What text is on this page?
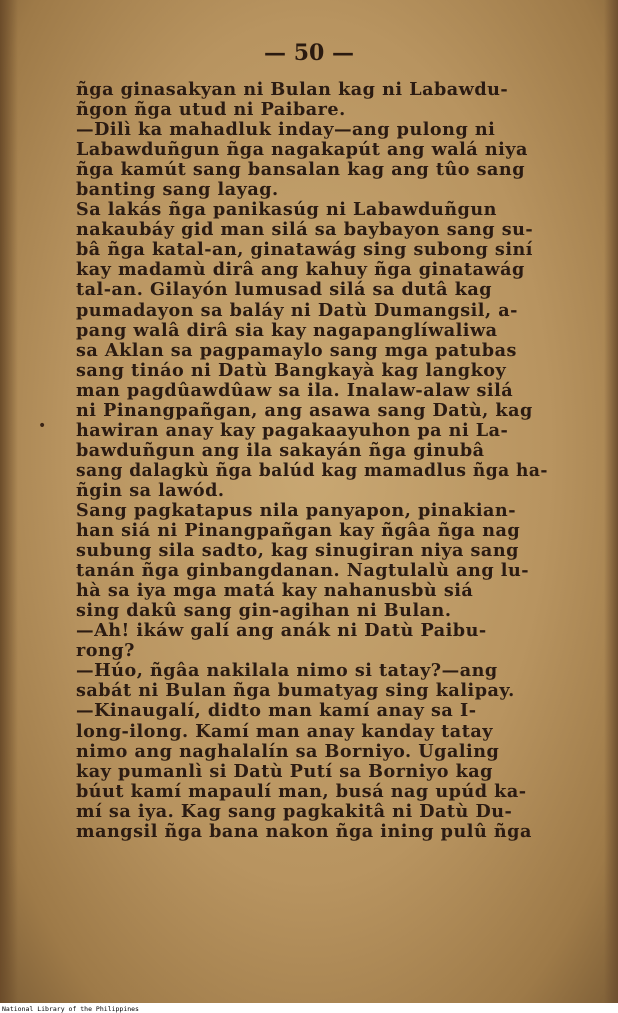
— 50 —
•
ñga ginasakyan ni Bulan kag ni Labawdu-
ñgon ñga utud ni Paibare.
—Dilì ka mahadluk inday—ang pulong ni
Labawduñgun ñga nagakapút ang walá niya
ñga kamút sang bansalan kag ang tûo sang
banting sang layag.
Sa lakás ñga panikasúg ni Labawduñgun
nakaubáy gid man silá sa baybayon sang su-
bâ ñga katal-an, ginatawág sing subong siní
kay madamù dirâ ang kahuy ñga ginatawág
tal-an. Gilayón lumusad silá sa dutâ kag
pumadayon sa baláy ni Datù Dumangsil, a-
pang walâ dirâ sia kay nagapanglíwaliwa
sa Aklan sa pagpamaylo sang mga patubas
sang tináo ni Datù Bangkayà kag langkoy
man pagdûawdûaw sa ila. Inalaw-alaw silá
ni Pinangpañgan, ang asawa sang Datù, kag
hawiran anay kay pagakaayuhon pa ni La-
bawduñgun ang ila sakayán ñga ginubâ
sang dalagkù ñga balúd kag mamadlus ñga ha-
ñgin sa lawód.
Sang pagkatapus nila panyapon, pinakian-
han siá ni Pinangpañgan kay ñgâa ñga nag
subung sila sadto, kag sinugiran niya sang
tanán ñga ginbangdanan. Nagtulalù ang lu-
hà sa iya mga matá kay nahanusbù siá
sing dakû sang gin-agihan ni Bulan.
—Ah! ikáw galí ang anák ni Datù Paibu-
rong?
—Húo, ñgâa nakilala nimo si tatay?—ang
sabát ni Bulan ñga bumatyag sing kalipay.
—Kinaugalí, didto man kamí anay sa I-
long-ilong. Kamí man anay kanday tatay
nimo ang naghalalín sa Borniyo. Ugaling
kay pumanlì si Datù Putí sa Borniyo kag
búut kamí mapaulí man, busá nag upúd ka-
mí sa iya. Kag sang pagkakitâ ni Datù Du-
mangsil ñga bana nakon ñga ining pulû ñga
National Library of the Philippines
